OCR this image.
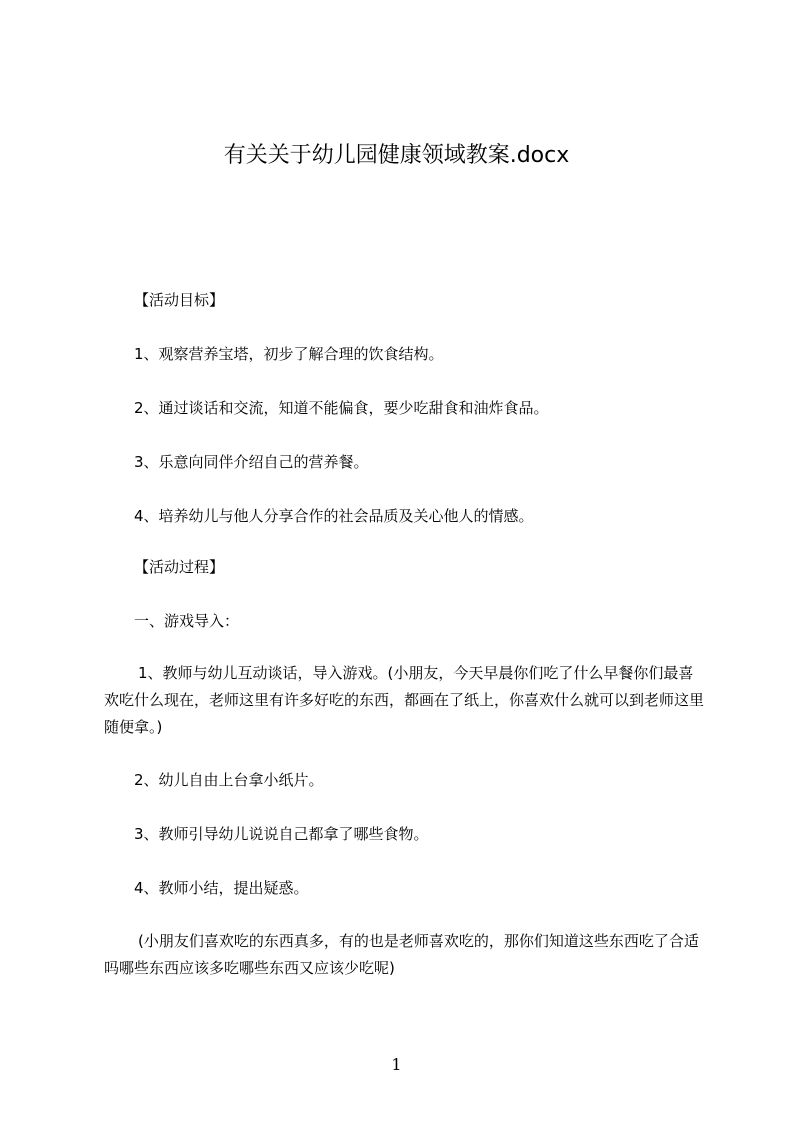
有关关于幼儿园健康领域教案.docx
【活动目标】
1、观察营养宝塔，初步了解合理的饮食结构。
2、通过谈话和交流，知道不能偏食，要少吃甜食和油炸食品。
3、乐意向同伴介绍自己的营养餐。
4、培养幼儿与他人分享合作的社会品质及关心他人的情感。
【活动过程】
一、游戏导入：
1、教师与幼儿互动谈话，导入游戏。(小朋友，今天早晨你们吃了什么早餐你们最喜欢吃什么现在，老师这里有许多好吃的东西，都画在了纸上，你喜欢什么就可以到老师这里随便拿。)
2、幼儿自由上台拿小纸片。
3、教师引导幼儿说说自己都拿了哪些食物。
4、教师小结，提出疑惑。
(小朋友们喜欢吃的东西真多，有的也是老师喜欢吃的，那你们知道这些东西吃了合适吗哪些东西应该多吃哪些东西又应该少吃呢)
1
